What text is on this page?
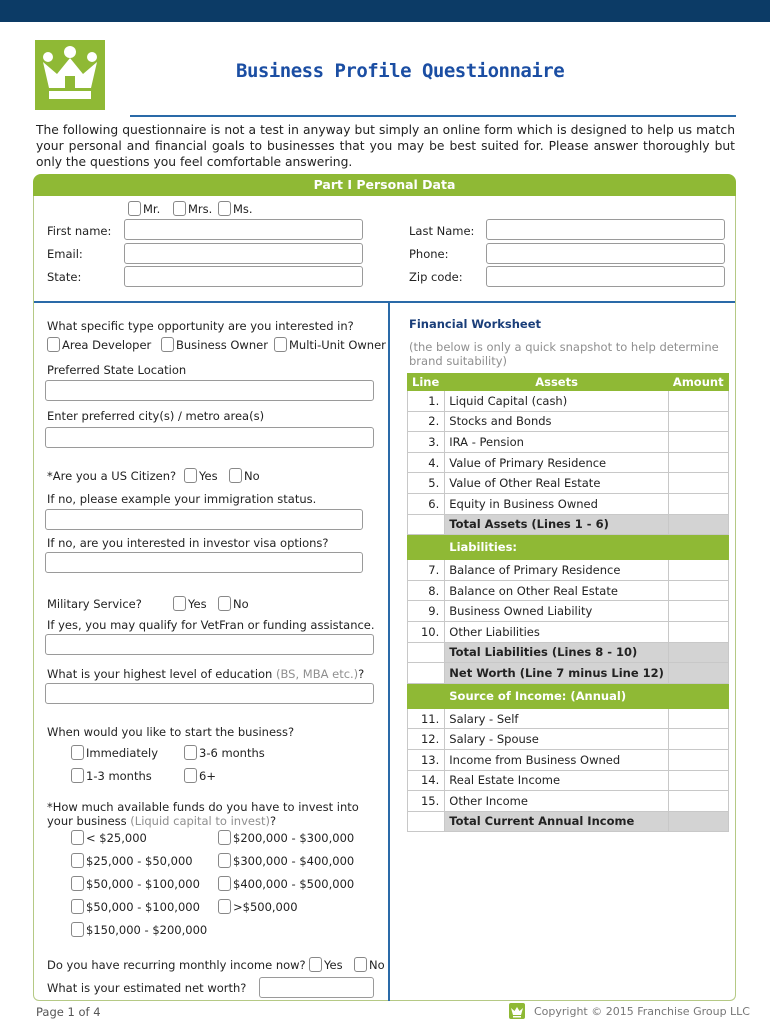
Business Profile Questionnaire
The following questionnaire is not a test in anyway but simply an online form which is designed to help us match your personal and financial goals to businesses that you may be best suited for. Please answer thoroughly but only the questions you feel comfortable answering.
Part I Personal Data
Mr.	Mrs.	Ms.
First name:	Last Name:
Email:	Phone:
State:	Zip code:
What specific type opportunity are you interested in?
Area Developer	Business Owner	Multi-Unit Owner
Preferred State Location
Enter preferred city(s) / metro area(s)
*Are you a US Citizen?	Yes	No
If no, please example your immigration status.
If no, are you interested in investor visa options?
Military Service?	Yes	No
If yes, you may qualify for VetFran or funding assistance.
What is your highest level of education (BS, MBA etc.)?
When would you like to start the business?
Immediately	3-6 months
1-3 months	6+
*How much available funds do you have to invest into
your business (Liquid capital to invest)?
< $25,000	$200,000 - $300,000
$25,000 - $50,000	$300,000 - $400,000
$50,000 - $100,000	$400,000 - $500,000
$50,000 - $100,000	>$500,000
$150,000 - $200,000
Do you have recurring monthly income now?	Yes	No
What is your estimated net worth?
Financial Worksheet
(the below is only a quick snapshot to help determine brand suitability)
Line	Assets	Amount
1.	Liquid Capital (cash)	
2.	Stocks and Bonds	
3.	IRA - Pension	
4.	Value of Primary Residence	
5.	Value of Other Real Estate	
6.	Equity in Business Owned	
	Total Assets (Lines 1 - 6)	
	Liabilities:	
7.	Balance of Primary Residence	
8.	Balance on Other Real Estate	
9.	Business Owned Liability	
10.	Other Liabilities	
	Total Liabilities (Lines 8 - 10)	
	Net Worth (Line 7 minus Line 12)	
	Source of Income: (Annual)	
11.	Salary - Self	
12.	Salary - Spouse	
13.	Income from Business Owned	
14.	Real Estate Income	
15.	Other Income	
	Total Current Annual Income	
Page 1 of 4	Copyright © 2015 Franchise Group LLC
